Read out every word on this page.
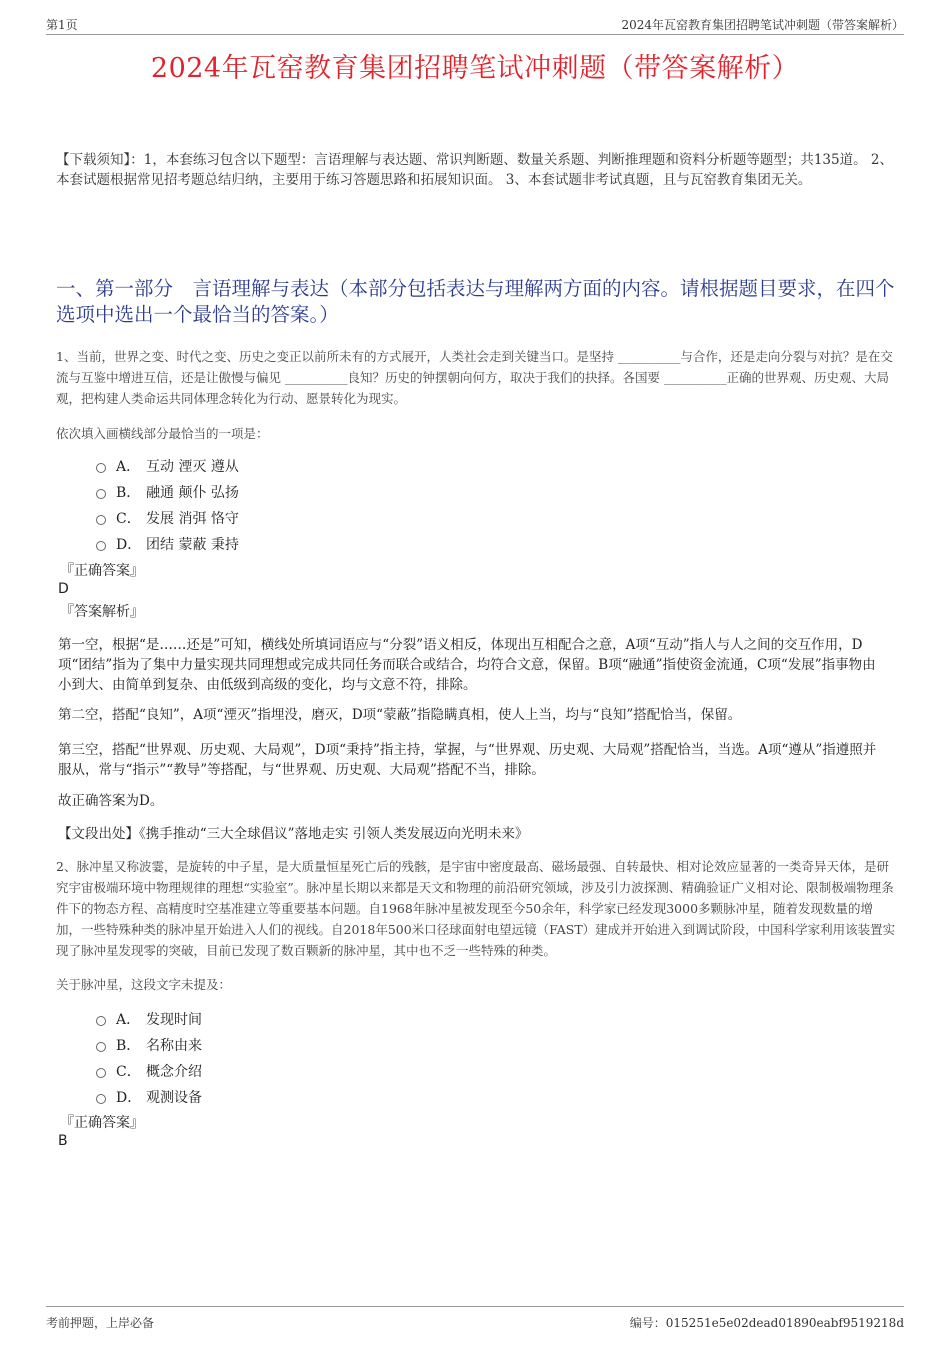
第1页	2024年瓦窑教育集团招聘笔试冲刺题（带答案解析）
2024年瓦窑教育集团招聘笔试冲刺题（带答案解析）
【下载须知】：1，本套练习包含以下题型：言语理解与表达题、常识判断题、数量关系题、判断推理题和资料分析题等题型；共135道。 2、本套试题根据常见招考题总结归纳，主要用于练习答题思路和拓展知识面。 3、本套试题非考试真题，且与瓦窑教育集团无关。
一、第一部分　言语理解与表达（本部分包括表达与理解两方面的内容。请根据题目要求，在四个选项中选出一个最恰当的答案。）
1、当前，世界之变、时代之变、历史之变正以前所未有的方式展开，人类社会走到关键当口。是坚持 __________与合作，还是走向分裂与对抗？是在交流与互鉴中增进互信，还是让傲慢与偏见 __________良知？历史的钟摆朝向何方，取决于我们的抉择。各国要 __________正确的世界观、历史观、大局观，把构建人类命运共同体理念转化为行动、愿景转化为现实。
依次填入画横线部分最恰当的一项是：
A． 互动 湮灭 遵从
B． 融通 颠仆 弘扬
C． 发展 消弭 恪守
D． 团结 蒙蔽 秉持
『正确答案』
D
『答案解析』
第一空，根据“是……还是”可知，横线处所填词语应与“分裂”语义相反，体现出互相配合之意，A项“互动”指人与人之间的交互作用，D项“团结”指为了集中力量实现共同理想或完成共同任务而联合或结合，均符合文意，保留。B项“融通”指使资金流通，C项“发展”指事物由小到大、由简单到复杂、由低级到高级的变化，均与文意不符，排除。
第二空，搭配“良知”，A项“湮灭”指埋没，磨灭，D项“蒙蔽”指隐瞒真相，使人上当，均与“良知”搭配恰当，保留。
第三空，搭配“世界观、历史观、大局观”，D项“秉持”指主持，掌握，与“世界观、历史观、大局观”搭配恰当，当选。A项“遵从”指遵照并服从，常与“指示”“教导”等搭配，与“世界观、历史观、大局观”搭配不当，排除。
故正确答案为D。
【文段出处】《携手推动“三大全球倡议”落地走实 引领人类发展迈向光明未来》
2、脉冲星又称波霎，是旋转的中子星，是大质量恒星死亡后的残骸，是宇宙中密度最高、磁场最强、自转最快、相对论效应显著的一类奇异天体，是研究宇宙极端环境中物理规律的理想“实验室”。脉冲星长期以来都是天文和物理的前沿研究领域，涉及引力波探测、精确验证广义相对论、限制极端物理条件下的物态方程、高精度时空基准建立等重要基本问题。自1968年脉冲星被发现至今50余年，科学家已经发现3000多颗脉冲星，随着发现数量的增加，一些特殊种类的脉冲星开始进入人们的视线。自2018年500米口径球面射电望远镜（FAST）建成并开始进入到调试阶段，中国科学家利用该装置实现了脉冲星发现零的突破，目前已发现了数百颗新的脉冲星，其中也不乏一些特殊的种类。
关于脉冲星，这段文字未提及：
A． 发现时间
B． 名称由来
C． 概念介绍
D． 观测设备
『正确答案』
B
考前押题，上岸必备	编号：015251e5e02dead01890eabf9519218d
